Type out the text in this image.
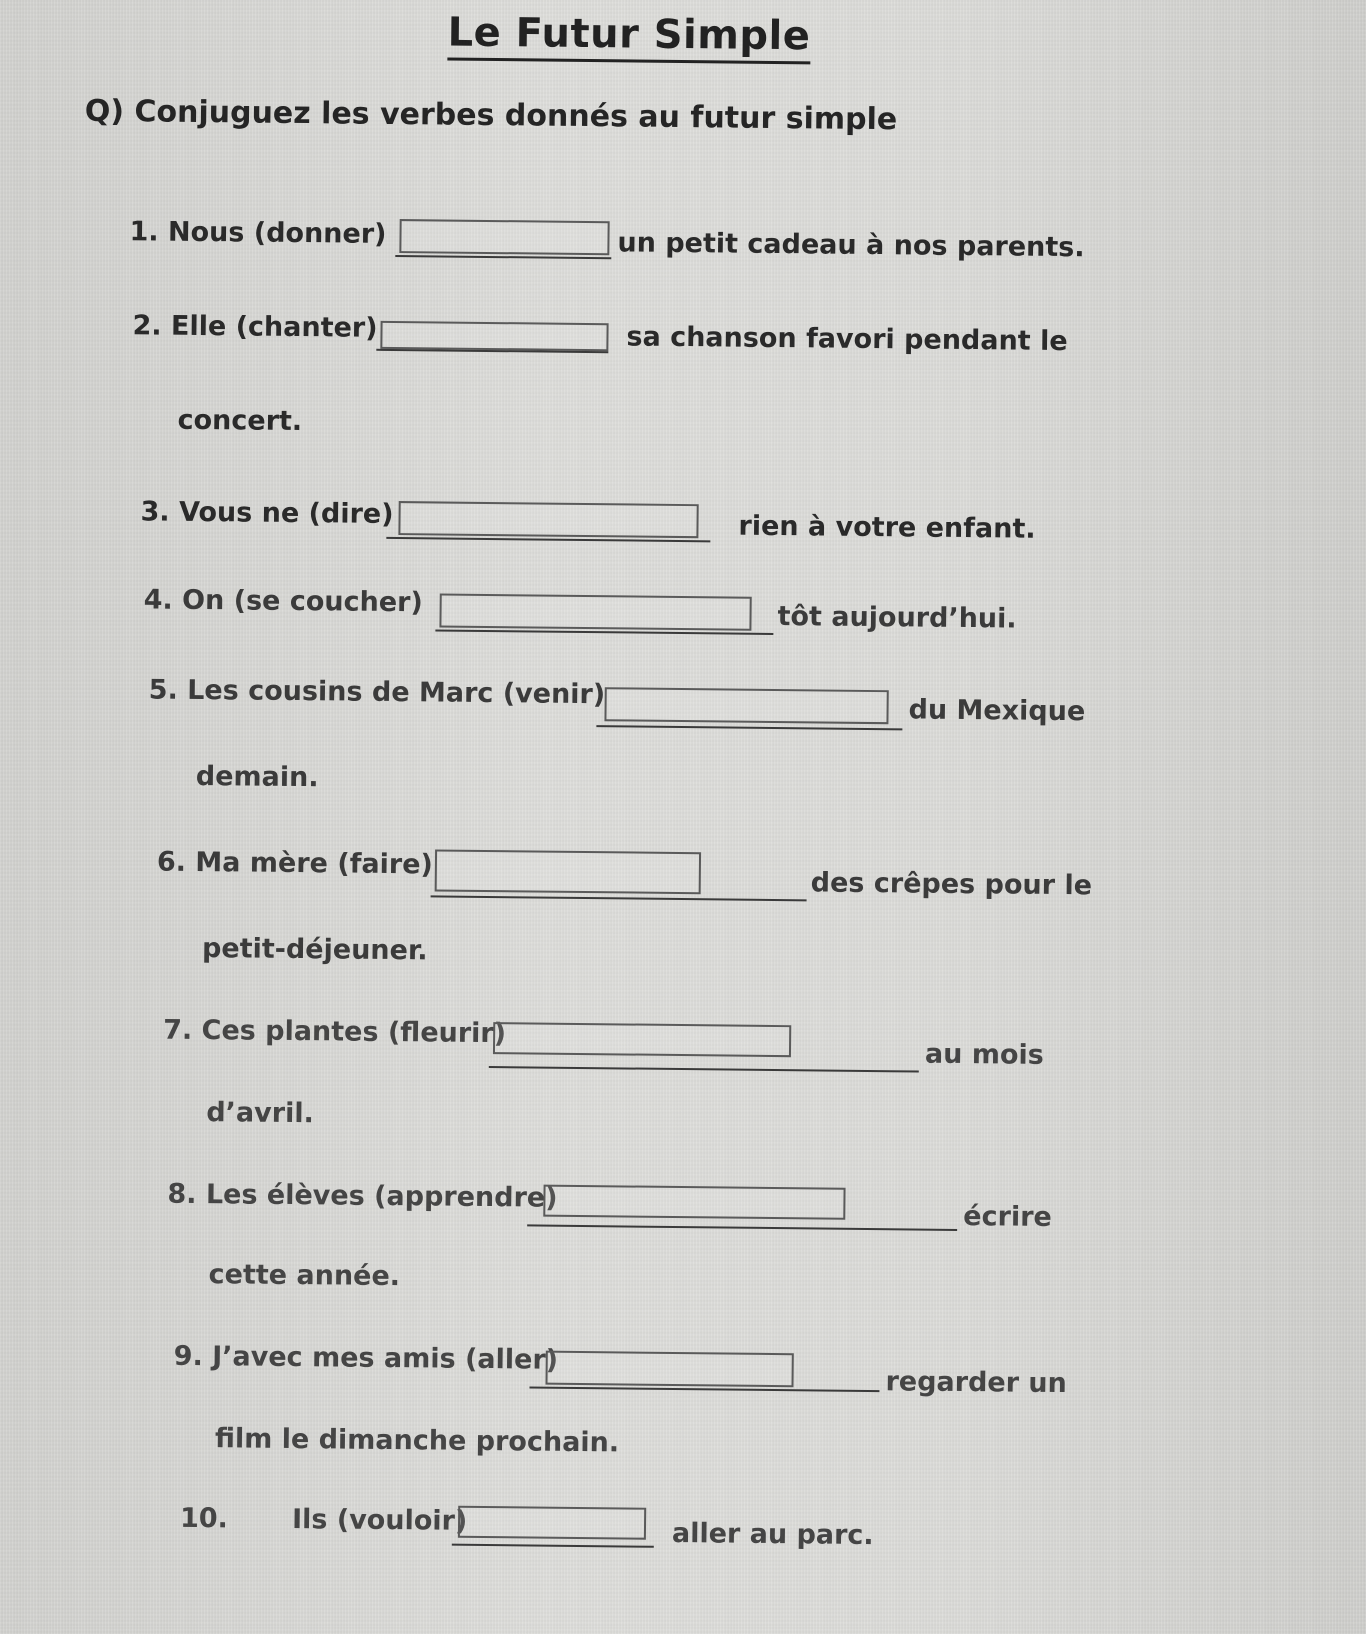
Le Futur Simple
Q) Conjuguez les verbes donnés au futur simple
1. Nous (donner)	un petit cadeau à nos parents.
2. Elle (chanter)	sa chanson favori pendant le
concert.
3. Vous ne (dire)	rien à votre enfant.
4. On (se coucher)	tôt aujourd’hui.
5. Les cousins de Marc (venir)
du Mexique
demain.
6. Ma mère (faire)
des crêpes pour le
petit-déjeuner.
7. Ces plantes (fleurir)
au mois
d’avril.
8. Les élèves (apprendre)
écrire
cette année.
9. J’avec mes amis (aller)
regarder un
film le dimanche prochain.
10. Ils (vouloir)	aller au parc.
